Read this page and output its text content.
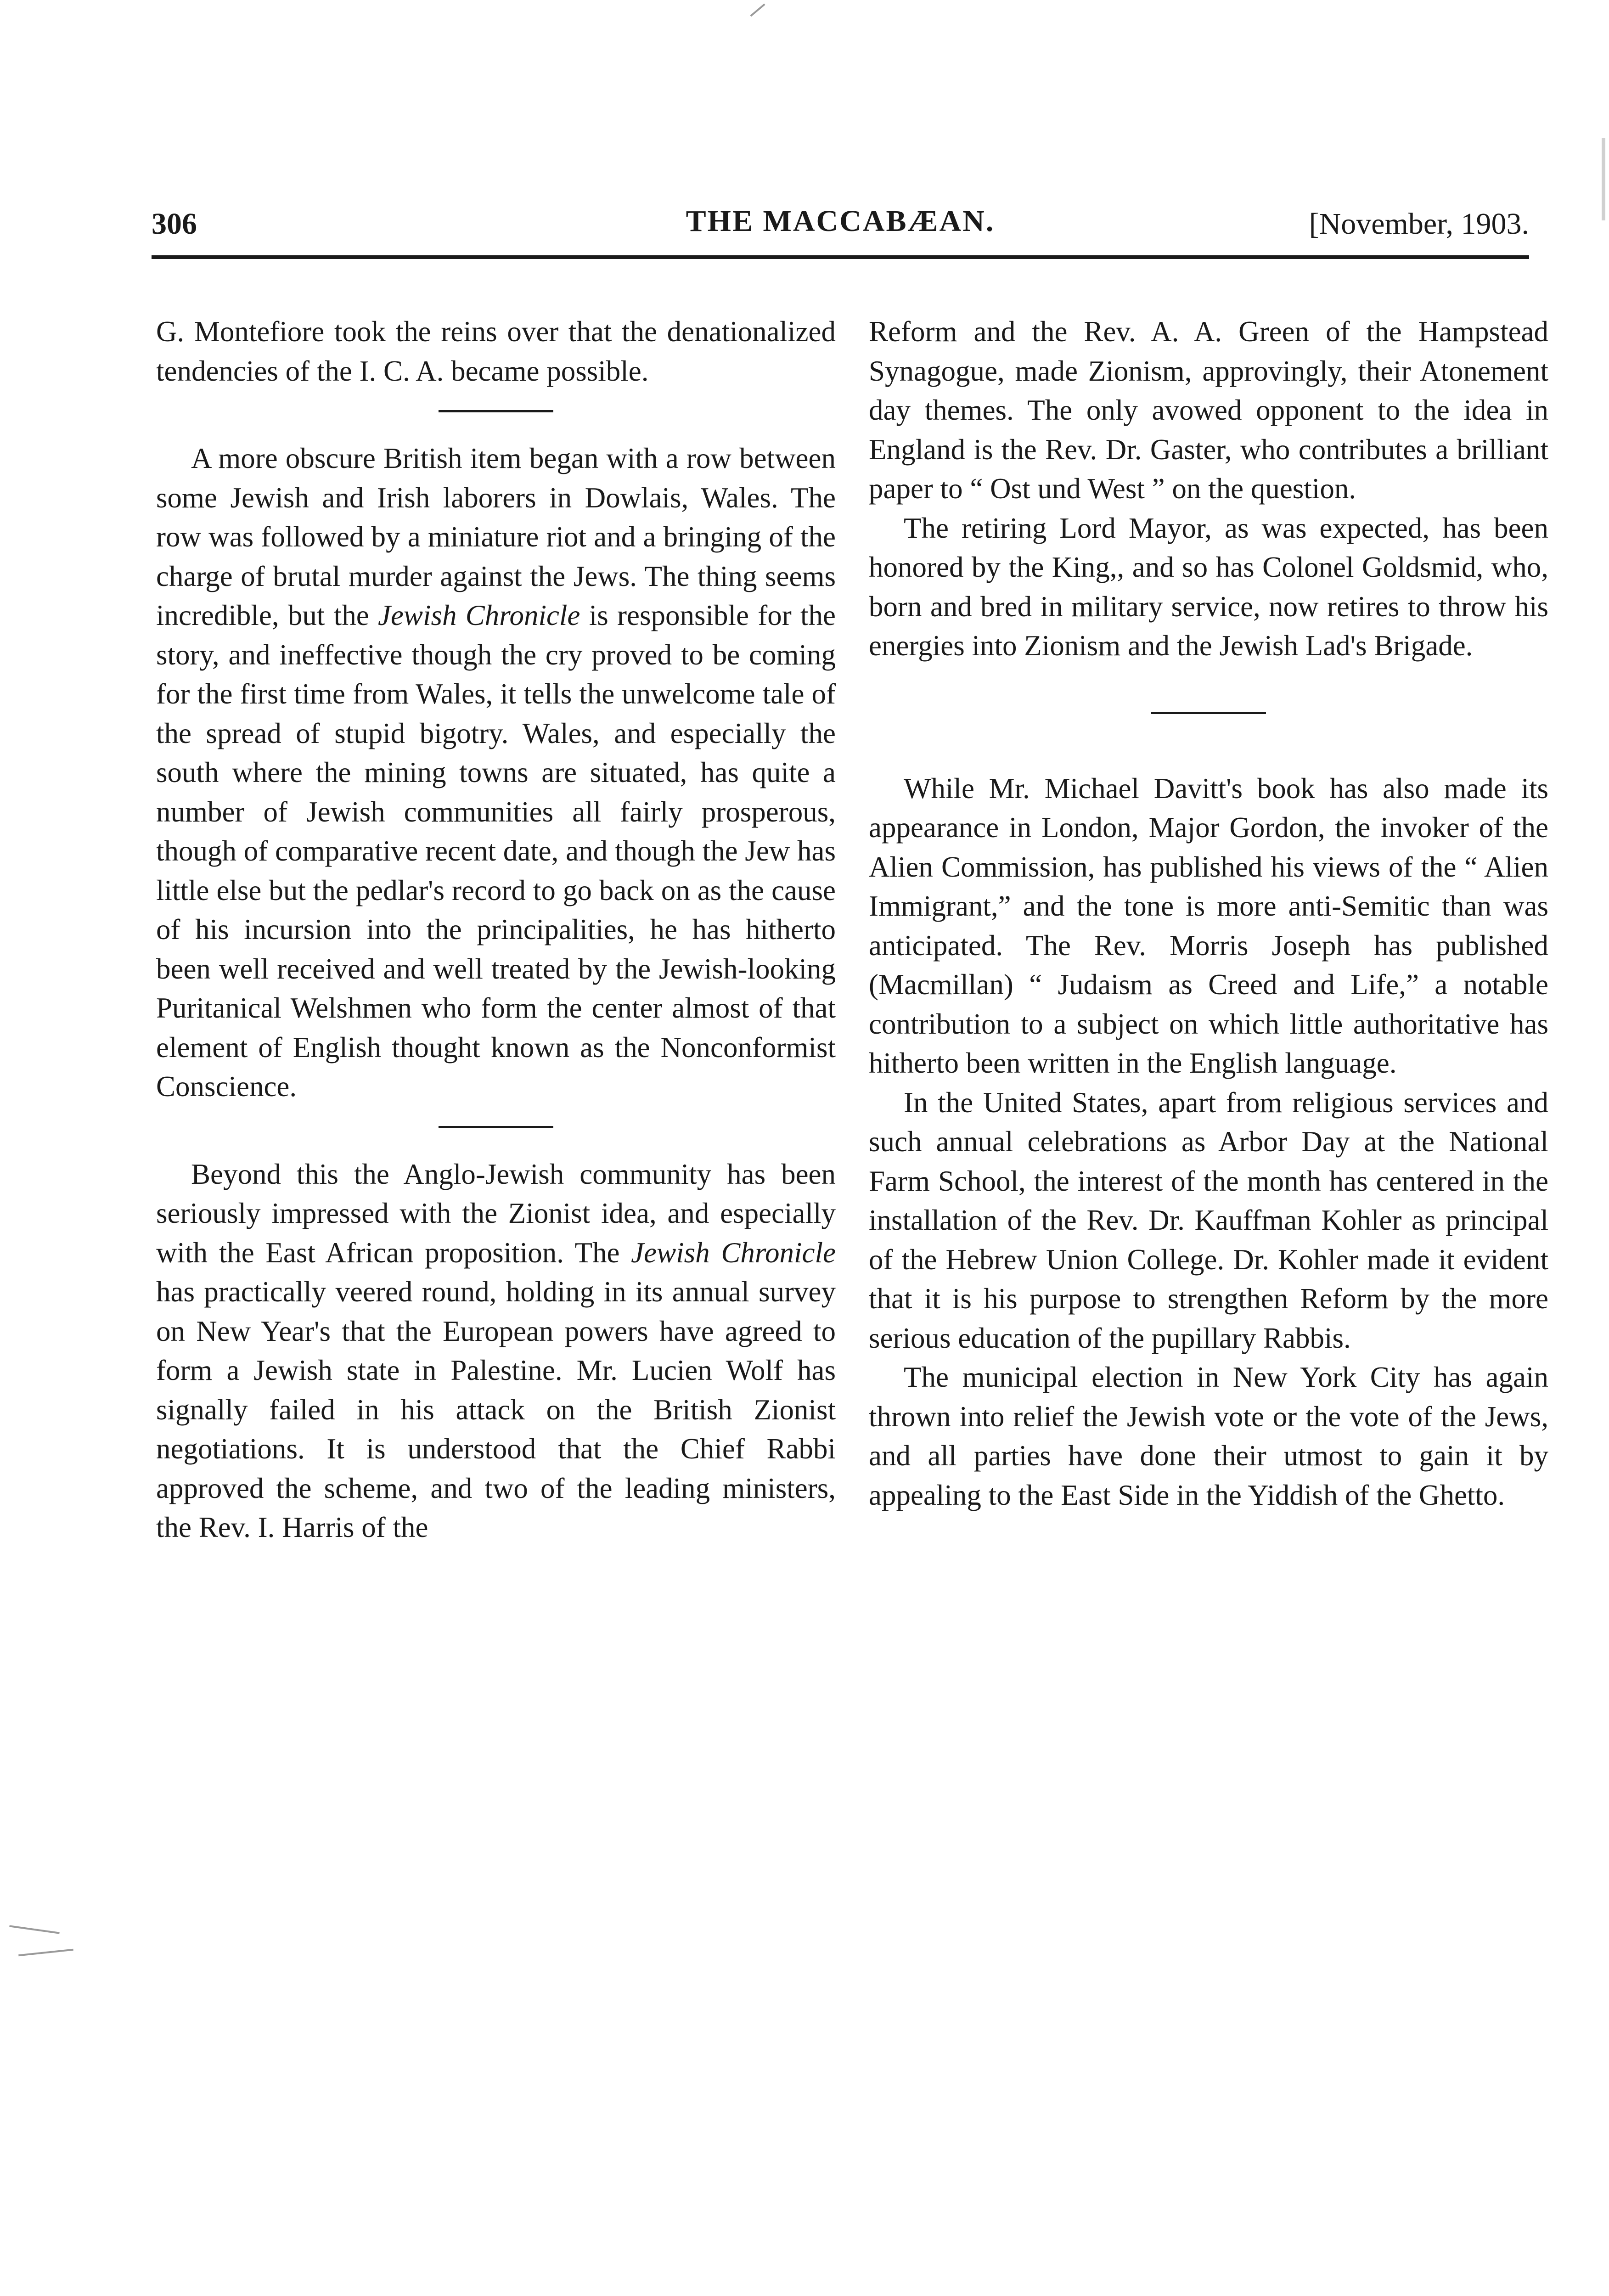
306	THE MACCABÆAN.	[November, 1903.

G. Montefiore took the reins over that the denationalized tendencies of the I. C. A. became possible.

A more obscure British item began with a row between some Jewish and Irish laborers in Dowlais, Wales. The row was followed by a miniature riot and a bringing of the charge of brutal murder against the Jews. The thing seems incredible, but the Jewish Chronicle is responsible for the story, and ineffective though the cry proved to be coming for the first time from Wales, it tells the unwelcome tale of the spread of stupid bigotry. Wales, and especially the south where the mining towns are situated, has quite a number of Jewish communities all fairly prosperous, though of comparative recent date, and though the Jew has little else but the pedlar's record to go back on as the cause of his incursion into the principalities, he has hitherto been well received and well treated by the Jewish-looking Puritanical Welshmen who form the center almost of that element of English thought known as the Nonconformist Conscience.

Beyond this the Anglo-Jewish community has been seriously impressed with the Zionist idea, and especially with the East African proposition. The Jewish Chronicle has practically veered round, holding in its annual survey on New Year's that the European powers have agreed to form a Jewish state in Palestine. Mr. Lucien Wolf has signally failed in his attack on the British Zionist negotiations. It is understood that the Chief Rabbi approved the scheme, and two of the leading ministers, the Rev. I. Harris of the

Reform and the Rev. A. A. Green of the Hampstead Synagogue, made Zionism, approvingly, their Atonement day themes. The only avowed opponent to the idea in England is the Rev. Dr. Gaster, who contributes a brilliant paper to “ Ost und West ” on the question.

The retiring Lord Mayor, as was expected, has been honored by the King,, and so has Colonel Goldsmid, who, born and bred in military service, now retires to throw his energies into Zionism and the Jewish Lad's Brigade.

While Mr. Michael Davitt's book has also made its appearance in London, Major Gordon, the invoker of the Alien Commission, has published his views of the “ Alien Immigrant,” and the tone is more anti-Semitic than was anticipated. The Rev. Morris Joseph has published (Macmillan) “ Judaism as Creed and Life,” a notable contribution to a subject on which little authoritative has hitherto been written in the English language.

In the United States, apart from religious services and such annual celebrations as Arbor Day at the National Farm School, the interest of the month has centered in the installation of the Rev. Dr. Kauffman Kohler as principal of the Hebrew Union College. Dr. Kohler made it evident that it is his purpose to strengthen Reform by the more serious education of the pupillary Rabbis.

The municipal election in New York City has again thrown into relief the Jewish vote or the vote of the Jews, and all parties have done their utmost to gain it by appealing to the East Side in the Yiddish of the Ghetto.
